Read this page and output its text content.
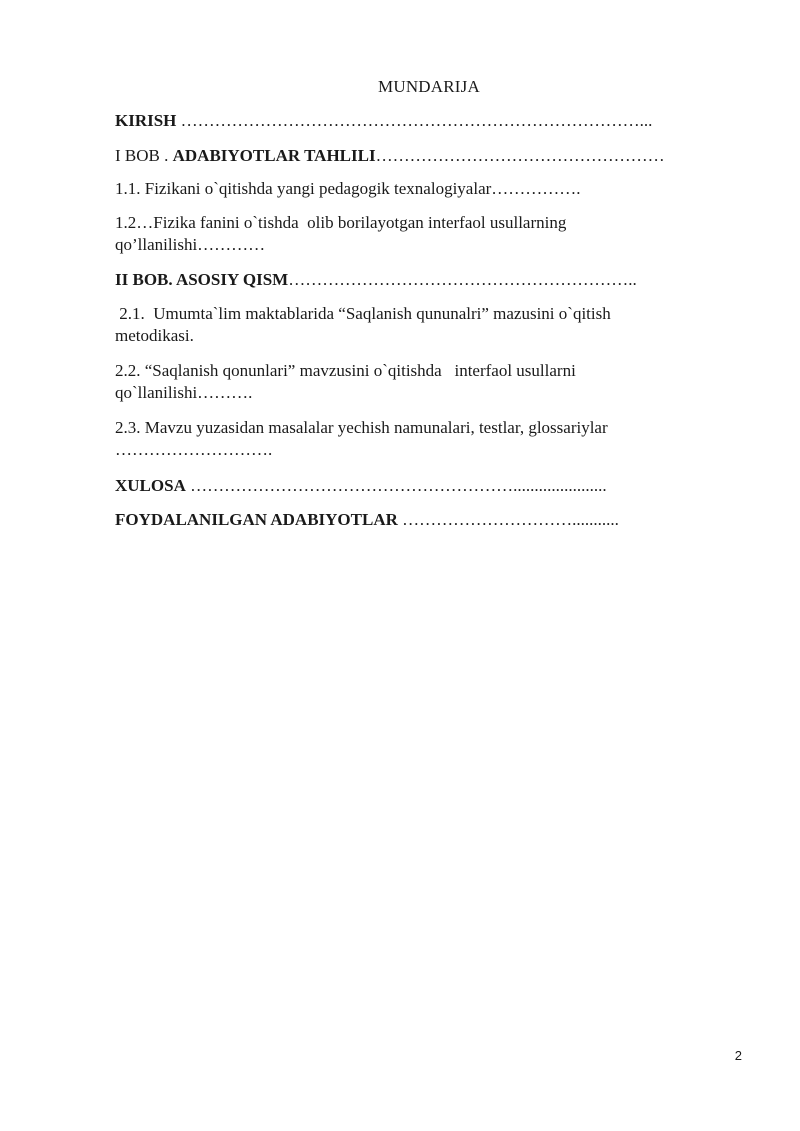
MUNDARIJA

KIRISH ………………………………………………………………………...

I BOB . ADABIYOTLAR TAHLILI……………………………………………

1.1. Fizikani o`qitishda yangi pedagogik texnalogiyalar…………….

1.2…Fizika fanini o`tishda  olib borilayotgan interfaol usullarning
qo’llanilishi…………

II BOB. ASOSIY QISM……………………………………………………..

2.1.  Umumta`lim maktablarida “Saqlanish qununalri” mazusini o`qitish
metodikasi.

2.2. “Saqlanish qonunlari” mavzusini o`qitishda   interfaol usullarni
qo`llanilishi……….

2.3. Mavzu yuzasidan masalalar yechish namunalari, testlar, glossariylar
……………………….

XULOSA …………………………………………………......................

FOYDALANILGAN ADABIYOTLAR …………………………...........

2
